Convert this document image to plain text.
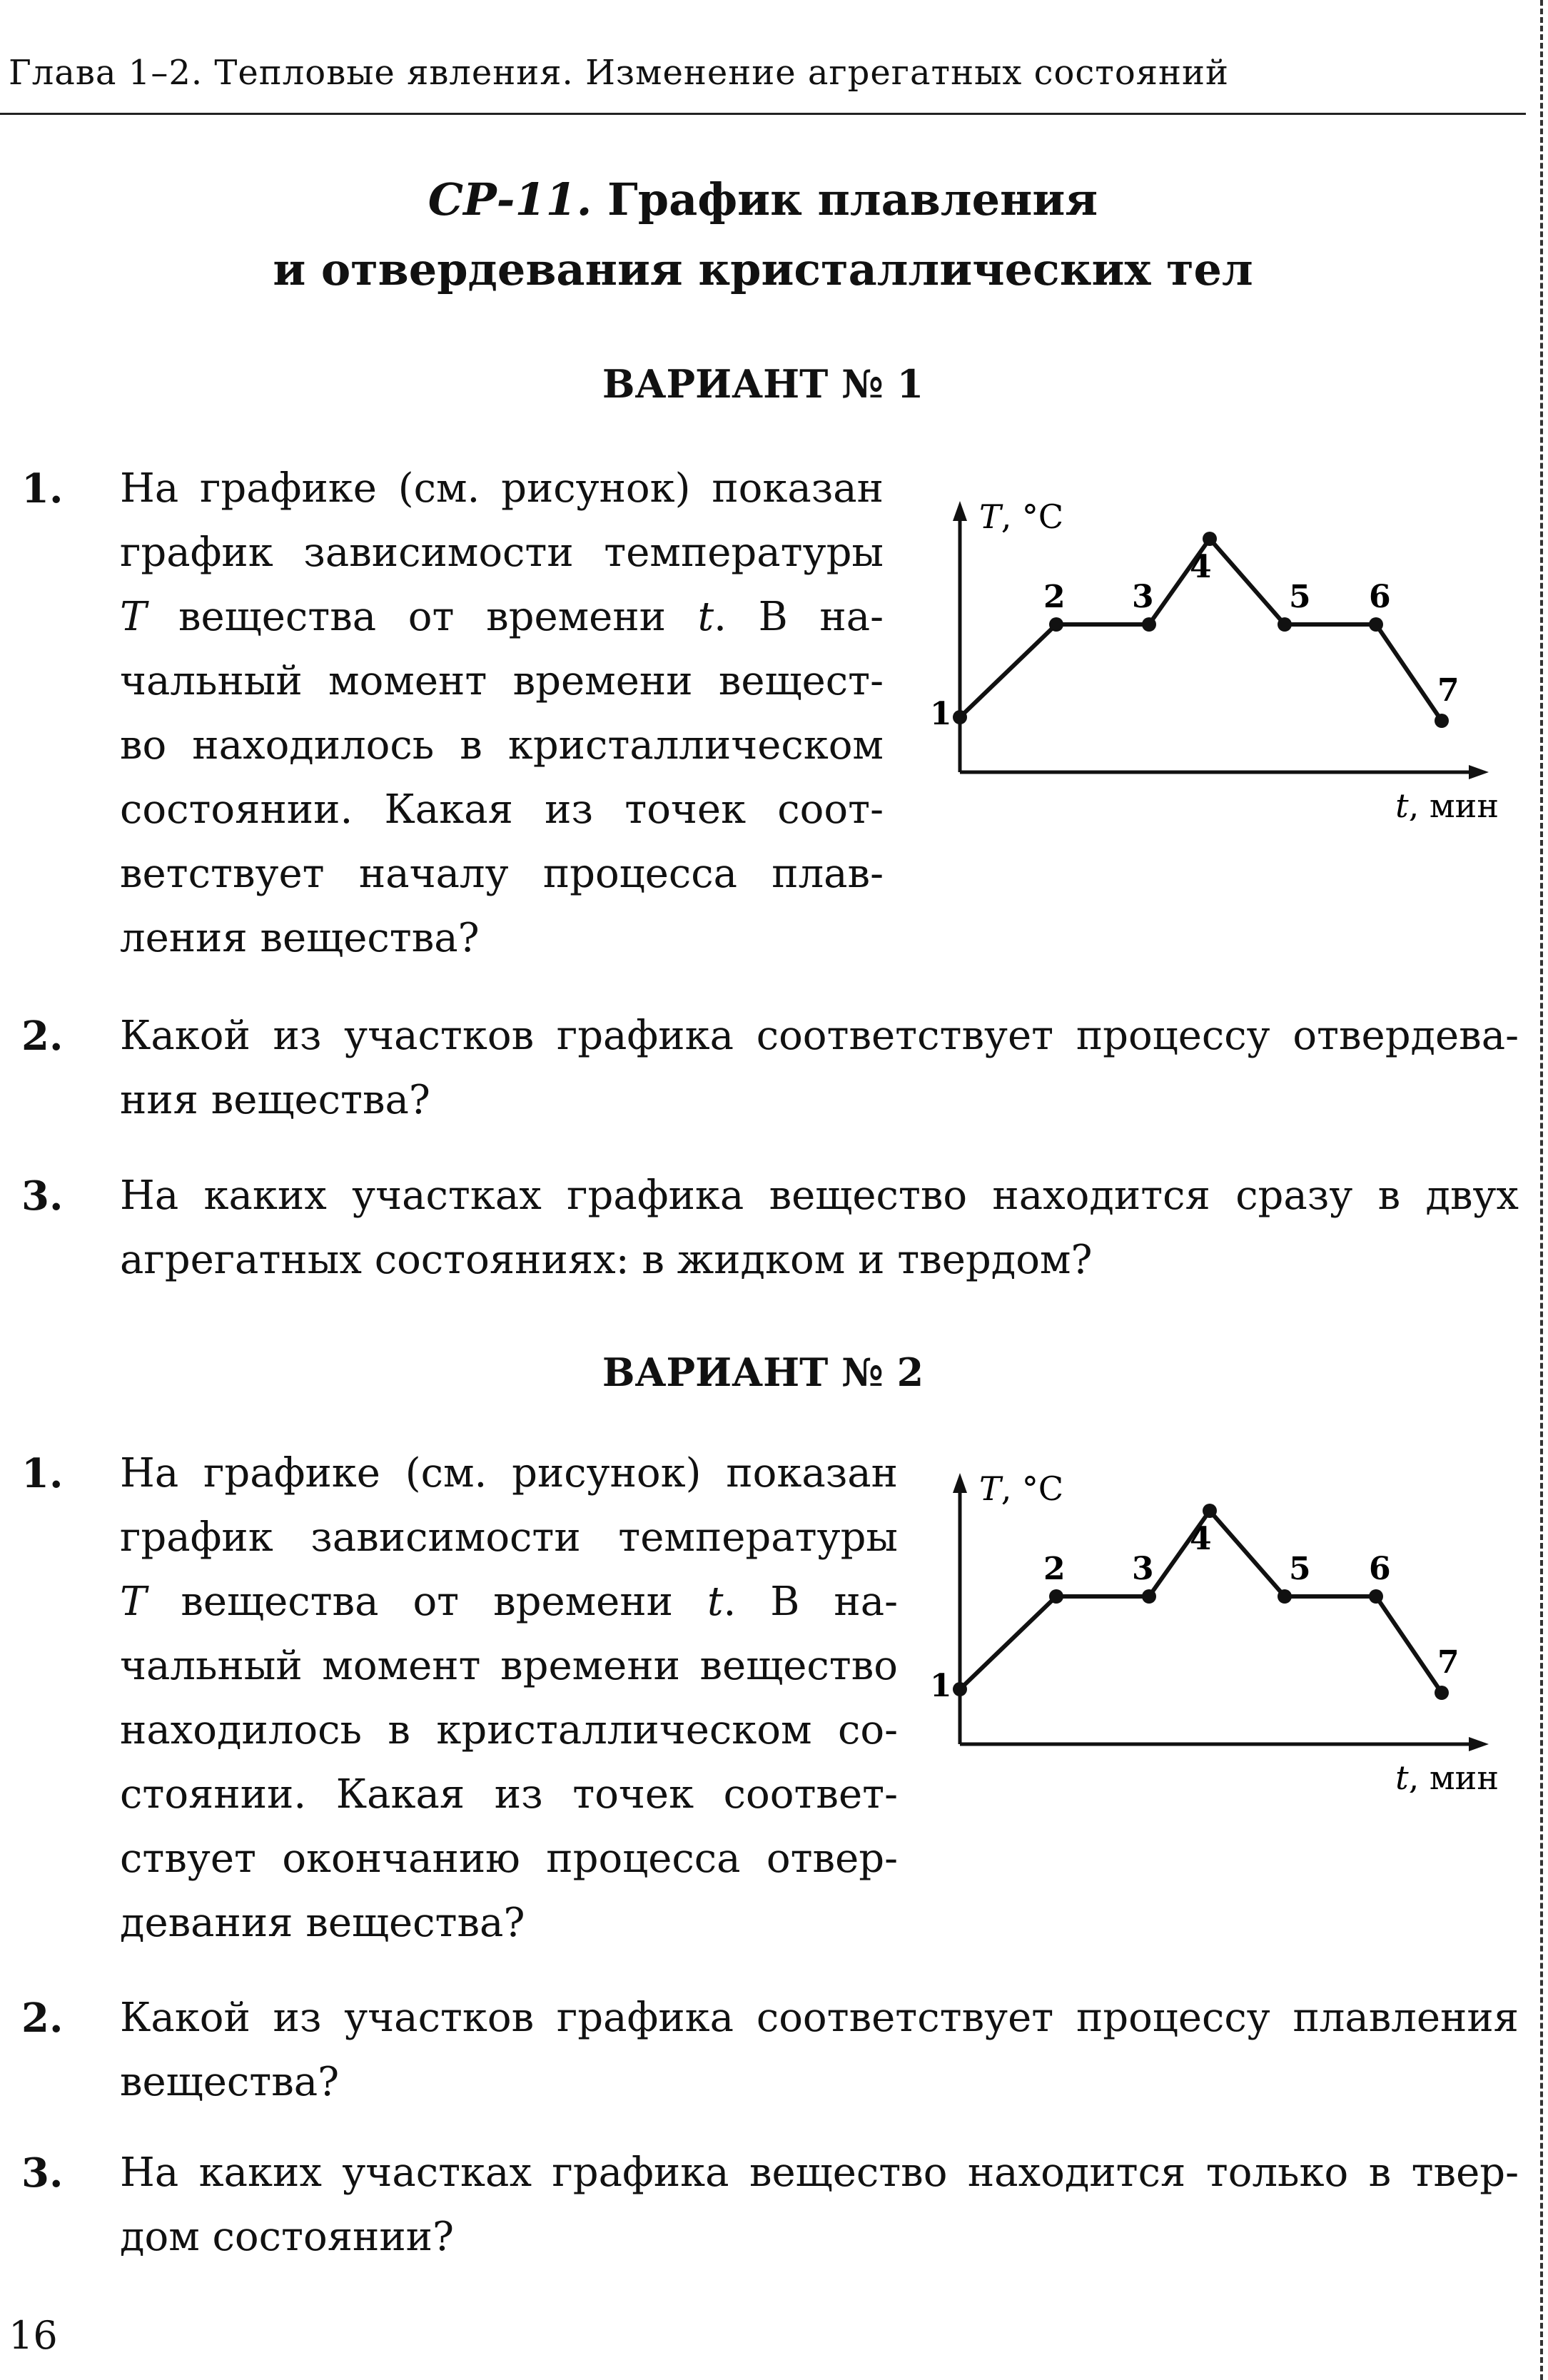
Глава 1–2. Тепловые явления. Изменение агрегатных состояний
СР-11. График плавления
и отвердевания кристаллических тел
ВАРИАНТ № 1
1.	На графике (см. рисунок) показан
график зависимости температуры
T вещества от времени t. В на-
чальный момент времени вещест-
во находилось в кристаллическом
состоянии. Какая из точек соот-
ветствует началу процесса плав-
ления вещества?
T, °C
t, мин
1
2 3
4
5 6
7
2.	Какой из участков графика соответствует процессу отвердева-
ния вещества?
3.	На каких участках графика вещество находится сразу в двух
агрегатных состояниях: в жидком и твердом?
ВАРИАНТ № 2
1.	На графике (см. рисунок) показан
график зависимости температуры
T вещества от времени t. В на-
чальный момент времени вещество
находилось в кристаллическом со-
стоянии. Какая из точек соответ-
ствует окончанию процесса отвер-
девания вещества?
T, °C
t, мин
1
2 3
4
5 6
7
2.	Какой из участков графика соответствует процессу плавления
вещества?
3.	На каких участках графика вещество находится только в твер-
дом состоянии?
16
